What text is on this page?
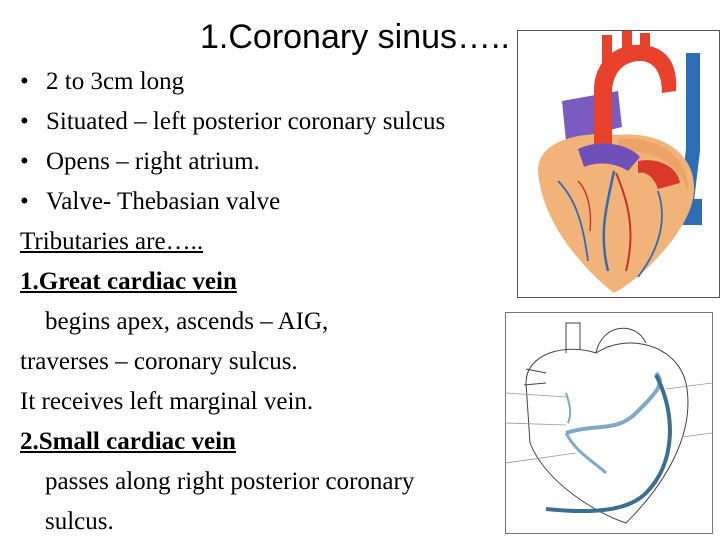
1.Coronary sinus…..
• 2 to 3cm long
• Situated – left posterior coronary sulcus
• Opens – right atrium.
• Valve- Thebasian valve
Tributaries are…..
1.Great cardiac vein
begins apex, ascends – AIG,
traverses – coronary sulcus.
It receives left marginal vein.
2.Small cardiac vein
passes along right posterior coronary
sulcus.
